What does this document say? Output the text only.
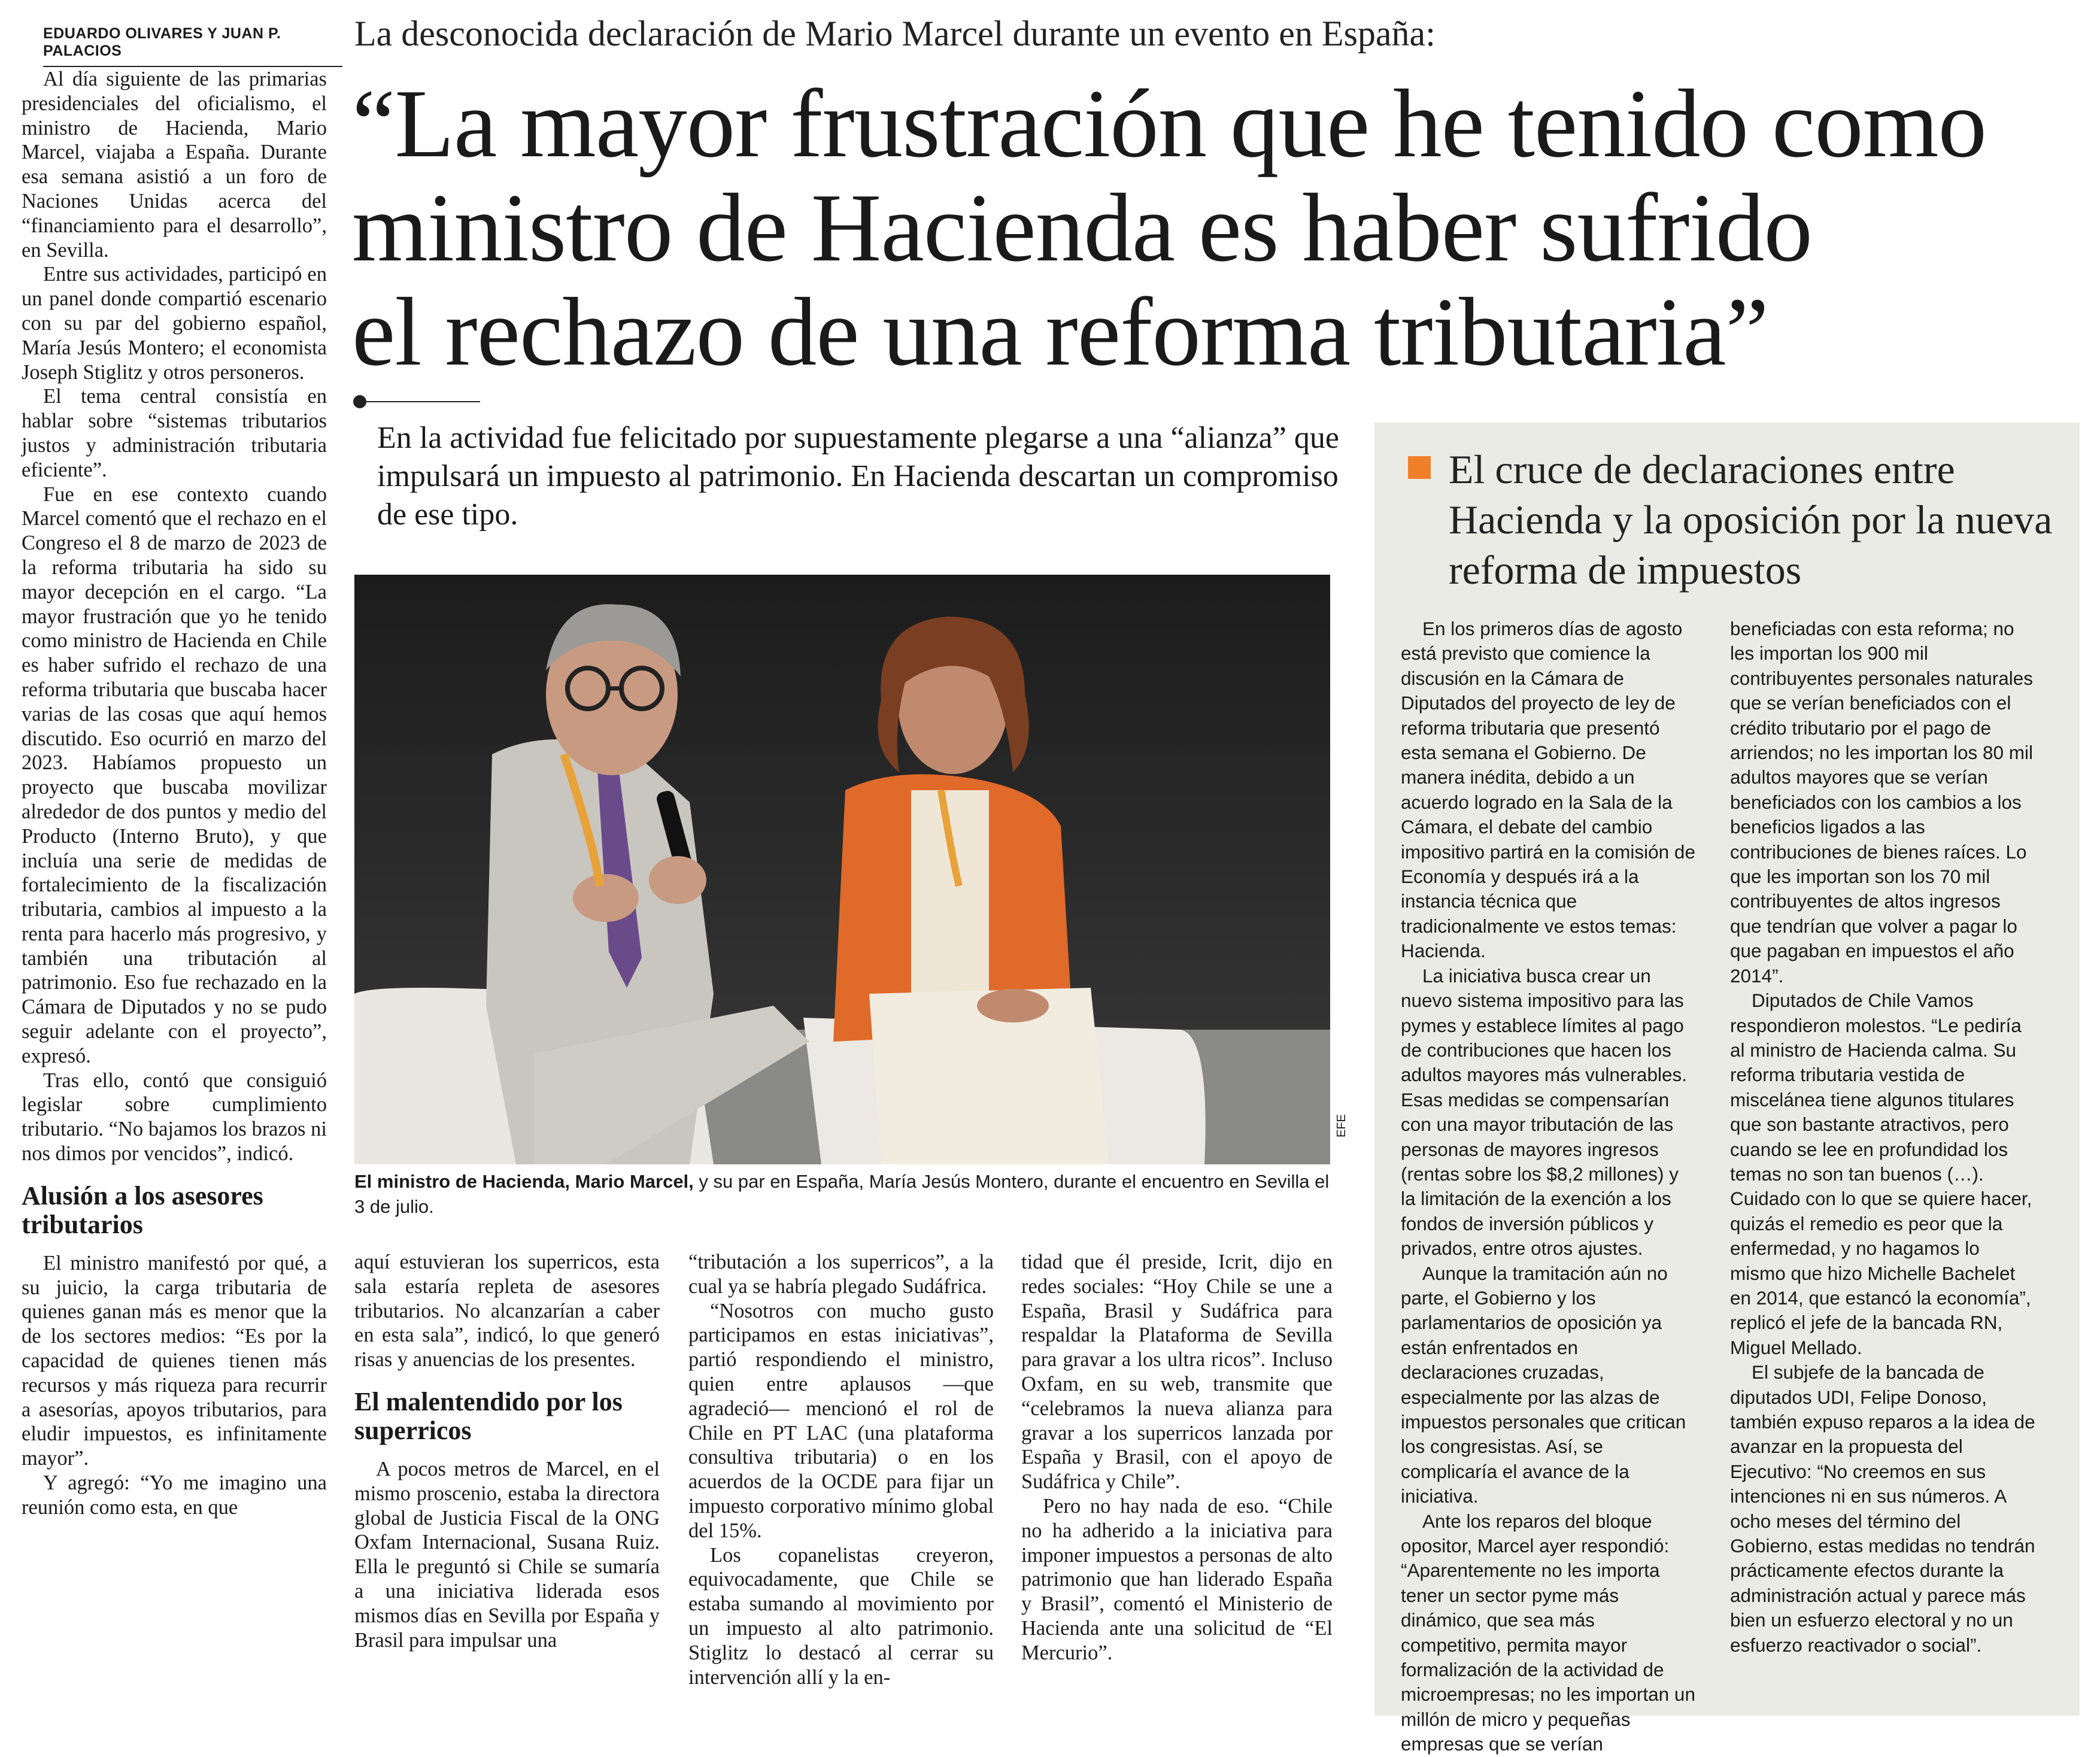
EDUARDO OLIVARES Y JUAN P. PALACIOS	La desconocida declaración de Mario Marcel durante un evento en España:
“La mayor frustración que he tenido como
ministro de Hacienda es haber sufrido
el rechazo de una reforma tributaria”
En la actividad fue felicitado por supuestamente plegarse a una “alianza” que impulsará un impuesto al patrimonio. En Hacienda descartan un compromiso de ese tipo.

Al día siguiente de las primarias presidenciales del oficialismo, el ministro de Hacienda, Mario Marcel, viajaba a España. Durante esa semana asistió a un foro de Naciones Unidas acerca del “financiamiento para el desarrollo”, en Sevilla.

Entre sus actividades, participó en un panel donde compartió escenario con su par del gobierno español, María Jesús Montero; el economista Joseph Stiglitz y otros personeros.

El tema central consistía en hablar sobre “sistemas tributarios justos y administración tributaria eficiente”.

Fue en ese contexto cuando Marcel comentó que el rechazo en el Congreso el 8 de marzo de 2023 de la reforma tributaria ha sido su mayor decepción en el cargo. “La mayor frustración que yo he tenido como ministro de Hacienda en Chile es haber sufrido el rechazo de una reforma tributaria que buscaba hacer varias de las cosas que aquí hemos discutido. Eso ocurrió en marzo del 2023. Habíamos propuesto un proyecto que buscaba movilizar alrededor de dos puntos y medio del Producto (Interno Bruto), y que incluía una serie de medidas de fortalecimiento de la fiscalización tributaria, cambios al impuesto a la renta para hacerlo más progresivo, y también una tributación al patrimonio. Eso fue rechazado en la Cámara de Diputados y no se pudo seguir adelante con el proyecto”, expresó.

Tras ello, contó que consiguió legislar sobre cumplimiento tributario. “No bajamos los brazos ni nos dimos por vencidos”, indicó.

Alusión a los asesores tributarios

El ministro manifestó por qué, a su juicio, la carga tributaria de quienes ganan más es menor que la de los sectores medios: “Es por la capacidad de quienes tienen más recursos y más riqueza para recurrir a asesorías, apoyos tributarios, para eludir impuestos, es infinitamente mayor”.

Y agregó: “Yo me imagino una reunión como esta, en que

EFE
El ministro de Hacienda, Mario Marcel, y su par en España, María Jesús Montero, durante el encuentro en Sevilla el 3 de julio.

aquí estuvieran los superricos, esta sala estaría repleta de asesores tributarios. No alcanzarían a caber en esta sala”, indicó, lo que generó risas y anuencias de los presentes.

El malentendido por los superricos

A pocos metros de Marcel, en el mismo proscenio, estaba la directora global de Justicia Fiscal de la ONG Oxfam Internacional, Susana Ruiz. Ella le preguntó si Chile se sumaría a una iniciativa liderada esos mismos días en Sevilla por España y Brasil para impulsar una

“tributación a los superricos”, a la cual ya se habría plegado Sudáfrica.

“Nosotros con mucho gusto participamos en estas iniciativas”, partió respondiendo el ministro, quien entre aplausos —que agradeció— mencionó el rol de Chile en PT LAC (una plataforma consultiva tributaria) o en los acuerdos de la OCDE para fijar un impuesto corporativo mínimo global del 15%.

Los copanelistas creyeron, equivocadamente, que Chile se estaba sumando al movimiento por un impuesto al alto patrimonio. Stiglitz lo destacó al cerrar su intervención allí y la en-

tidad que él preside, Icrit, dijo en redes sociales: “Hoy Chile se une a España, Brasil y Sudáfrica para respaldar la Plataforma de Sevilla para gravar a los ultra ricos”. Incluso Oxfam, en su web, transmite que “celebramos la nueva alianza para gravar a los superricos lanzada por España y Brasil, con el apoyo de Sudáfrica y Chile”.

Pero no hay nada de eso. “Chile no ha adherido a la iniciativa para imponer impuestos a personas de alto patrimonio que han liderado España y Brasil”, comentó el Ministerio de Hacienda ante una solicitud de “El Mercurio”.

El cruce de declaraciones entre Hacienda y la oposición por la nueva reforma de impuestos

En los primeros días de agosto está previsto que comience la discusión en la Cámara de Diputados del proyecto de ley de reforma tributaria que presentó esta semana el Gobierno. De manera inédita, debido a un acuerdo logrado en la Sala de la Cámara, el debate del cambio impositivo partirá en la comisión de Economía y después irá a la instancia técnica que tradicionalmente ve estos temas: Hacienda.

La iniciativa busca crear un nuevo sistema impositivo para las pymes y establece límites al pago de contribuciones que hacen los adultos mayores más vulnerables. Esas medidas se compensarían con una mayor tributación de las personas de mayores ingresos (rentas sobre los $8,2 millones) y la limitación de la exención a los fondos de inversión públicos y privados, entre otros ajustes.

Aunque la tramitación aún no parte, el Gobierno y los parlamentarios de oposición ya están enfrentados en declaraciones cruzadas, especialmente por las alzas de impuestos personales que critican los congresistas. Así, se complicaría el avance de la iniciativa.

Ante los reparos del bloque opositor, Marcel ayer respondió: “Aparentemente no les importa tener un sector pyme más dinámico, que sea más competitivo, permita mayor formalización de la actividad de microempresas; no les importan un millón de micro y pequeñas empresas que se verían

beneficiadas con esta reforma; no les importan los 900 mil contribuyentes personales naturales que se verían beneficiados con el crédito tributario por el pago de arriendos; no les importan los 80 mil adultos mayores que se verían beneficiados con los cambios a los beneficios ligados a las contribuciones de bienes raíces. Lo que les importan son los 70 mil contribuyentes de altos ingresos que tendrían que volver a pagar lo que pagaban en impuestos el año 2014”.

Diputados de Chile Vamos respondieron molestos. “Le pediría al ministro de Hacienda calma. Su reforma tributaria vestida de miscelánea tiene algunos titulares que son bastante atractivos, pero cuando se lee en profundidad los temas no son tan buenos (…). Cuidado con lo que se quiere hacer, quizás el remedio es peor que la enfermedad, y no hagamos lo mismo que hizo Michelle Bachelet en 2014, que estancó la economía”, replicó el jefe de la bancada RN, Miguel Mellado.

El subjefe de la bancada de diputados UDI, Felipe Donoso, también expuso reparos a la idea de avanzar en la propuesta del Ejecutivo: “No creemos en sus intenciones ni en sus números. A ocho meses del término del Gobierno, estas medidas no tendrán prácticamente efectos durante la administración actual y parece más bien un esfuerzo electoral y no un esfuerzo reactivador o social”.
